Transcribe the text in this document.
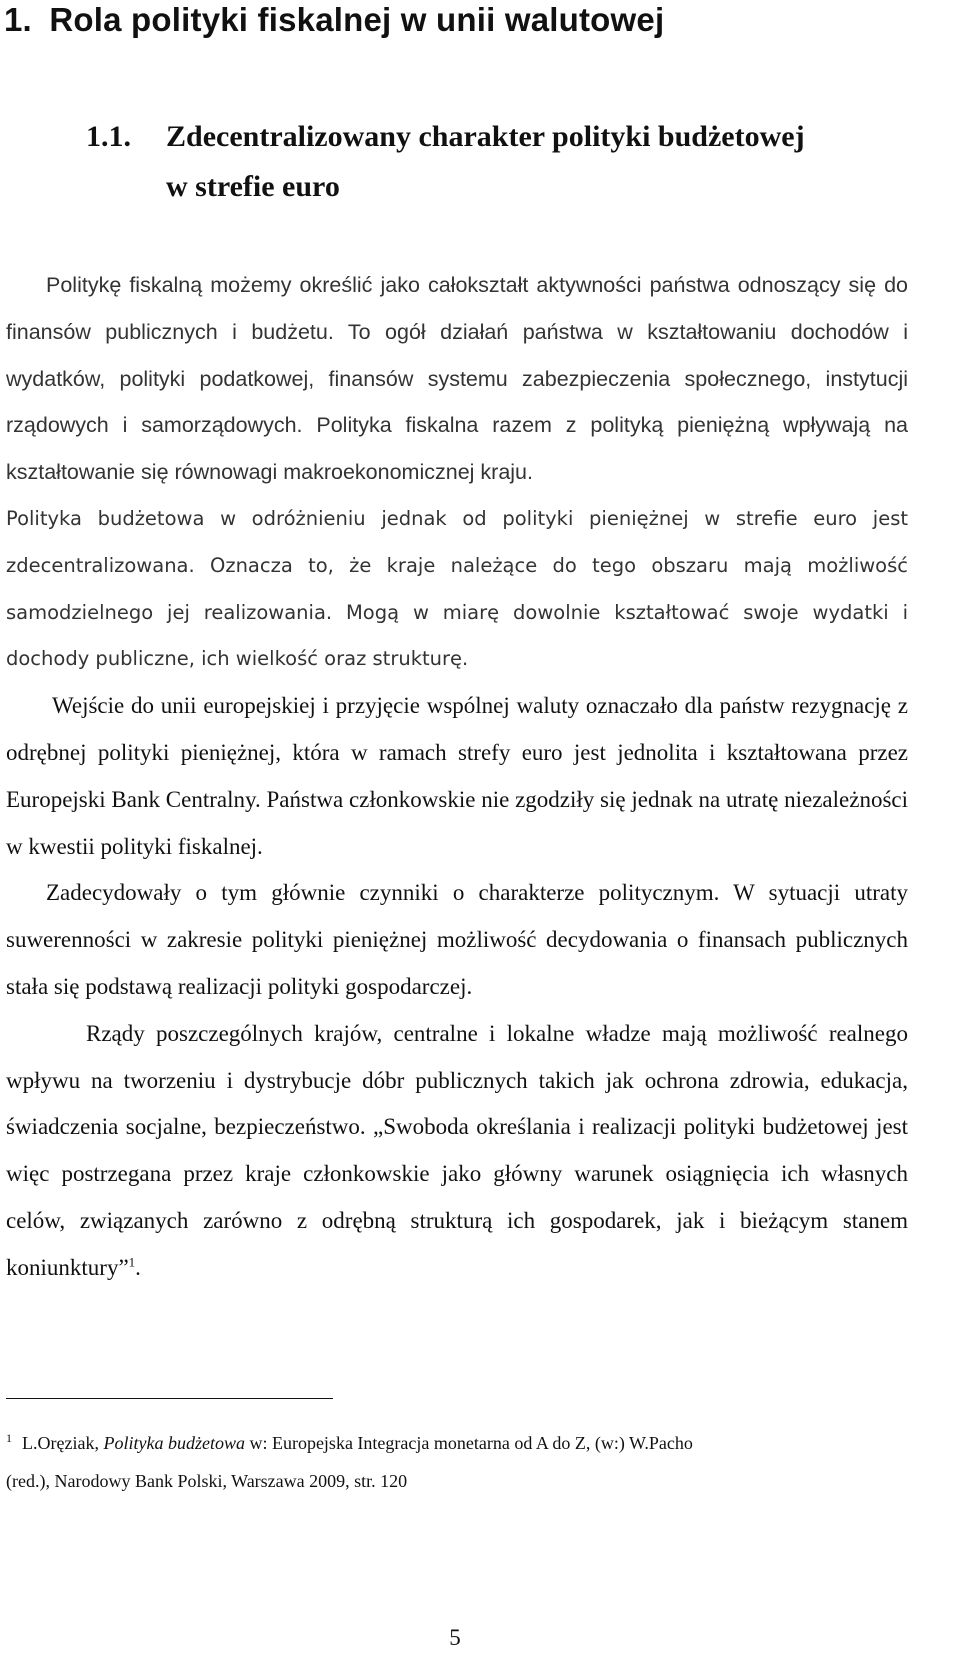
1. Rola polityki fiskalnej w unii walutowej
1.1. Zdecentralizowany charakter polityki budżetowej
w strefie euro

Politykę fiskalną możemy określić jako całokształt aktywności państwa odnoszący się do finansów publicznych i budżetu. To ogół działań państwa w kształtowaniu dochodów i wydatków, polityki podatkowej, finansów systemu zabezpieczenia społecznego, instytucji rządowych i samorządowych. Polityka fiskalna razem z polityką pieniężną wpływają na kształtowanie się równowagi makroekonomicznej kraju.

Polityka budżetowa w odróżnieniu jednak od polityki pieniężnej w strefie euro jest zdecentralizowana. Oznacza to, że kraje należące do tego obszaru mają możliwość samodzielnego jej realizowania. Mogą w miarę dowolnie kształtować swoje wydatki i dochody publiczne, ich wielkość oraz strukturę.

Wejście do unii europejskiej i przyjęcie wspólnej waluty oznaczało dla państw rezygnację z odrębnej polityki pieniężnej, która w ramach strefy euro jest jednolita i kształtowana przez Europejski Bank Centralny. Państwa członkowskie nie zgodziły się jednak na utratę niezależności w kwestii polityki fiskalnej.

Zadecydowały o tym głównie czynniki o charakterze politycznym. W sytuacji utraty suwerenności w zakresie polityki pieniężnej możliwość decydowania o finansach publicznych stała się podstawą realizacji polityki gospodarczej.

Rządy poszczególnych krajów, centralne i lokalne władze mają możliwość realnego wpływu na tworzeniu i dystrybucje dóbr publicznych takich jak ochrona zdrowia, edukacja, świadczenia socjalne, bezpieczeństwo. „Swoboda określania i realizacji polityki budżetowej jest więc postrzegana przez kraje członkowskie jako główny warunek osiągnięcia ich własnych celów, związanych zarówno z odrębną strukturą ich gospodarek, jak i bieżącym stanem koniunktury”$^1$.

$^1$ L.Oręziak, Polityka budżetowa w: Europejska Integracja monetarna od A do Z, (w:) W.Pacho

(red.), Narodowy Bank Polski, Warszawa 2009, str. 120

5
